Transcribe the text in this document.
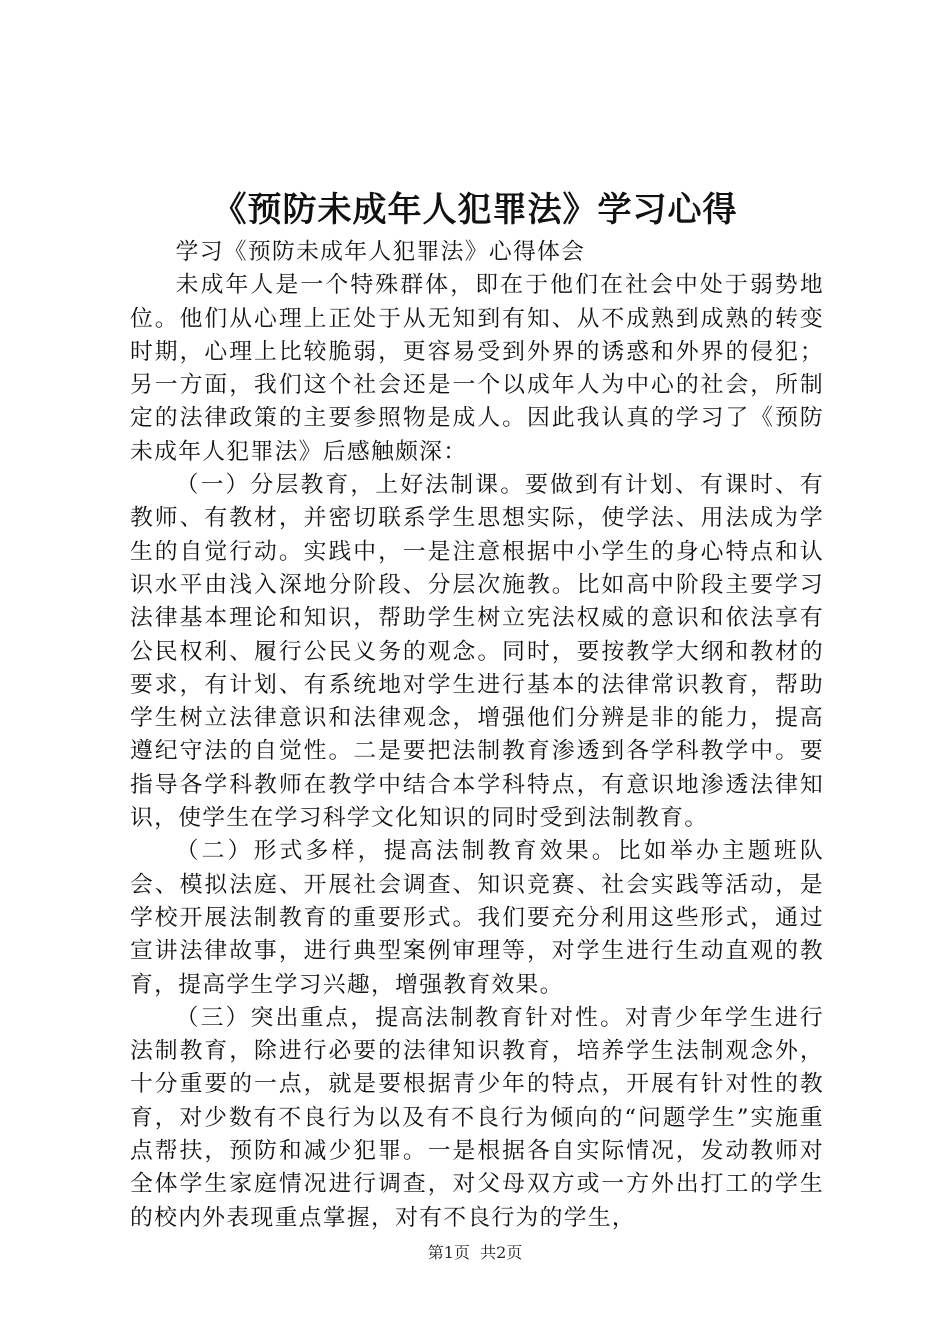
《预防未成年人犯罪法》学习心得

学习《预防未成年人犯罪法》心得体会

未成年人是一个特殊群体，即在于他们在社会中处于弱势地位。他们从心理上正处于从无知到有知、从不成熟到成熟的转变时期，心理上比较脆弱，更容易受到外界的诱惑和外界的侵犯；另一方面，我们这个社会还是一个以成年人为中心的社会，所制定的法律政策的主要参照物是成人。因此我认真的学习了《预防未成年人犯罪法》后感触颇深：

（一）分层教育，上好法制课。要做到有计划、有课时、有教师、有教材，并密切联系学生思想实际，使学法、用法成为学生的自觉行动。实践中，一是注意根据中小学生的身心特点和认识水平由浅入深地分阶段、分层次施教。比如高中阶段主要学习法律基本理论和知识，帮助学生树立宪法权威的意识和依法享有公民权利、履行公民义务的观念。同时，要按教学大纲和教材的要求，有计划、有系统地对学生进行基本的法律常识教育，帮助学生树立法律意识和法律观念，增强他们分辨是非的能力，提高遵纪守法的自觉性。二是要把法制教育渗透到各学科教学中。要指导各学科教师在教学中结合本学科特点，有意识地渗透法律知识，使学生在学习科学文化知识的同时受到法制教育。

（二）形式多样，提高法制教育效果。比如举办主题班队会、模拟法庭、开展社会调查、知识竞赛、社会实践等活动，是学校开展法制教育的重要形式。我们要充分利用这些形式，通过宣讲法律故事，进行典型案例审理等，对学生进行生动直观的教育，提高学生学习兴趣，增强教育效果。

（三）突出重点，提高法制教育针对性。对青少年学生进行法制教育，除进行必要的法律知识教育，培养学生法制观念外，十分重要的一点，就是要根据青少年的特点，开展有针对性的教育，对少数有不良行为以及有不良行为倾向的“问题学生”实施重点帮扶，预防和减少犯罪。一是根据各自实际情况，发动教师对全体学生家庭情况进行调查，对父母双方或一方外出打工的学生的校内外表现重点掌握，对有不良行为的学生，

第1页 共2页
